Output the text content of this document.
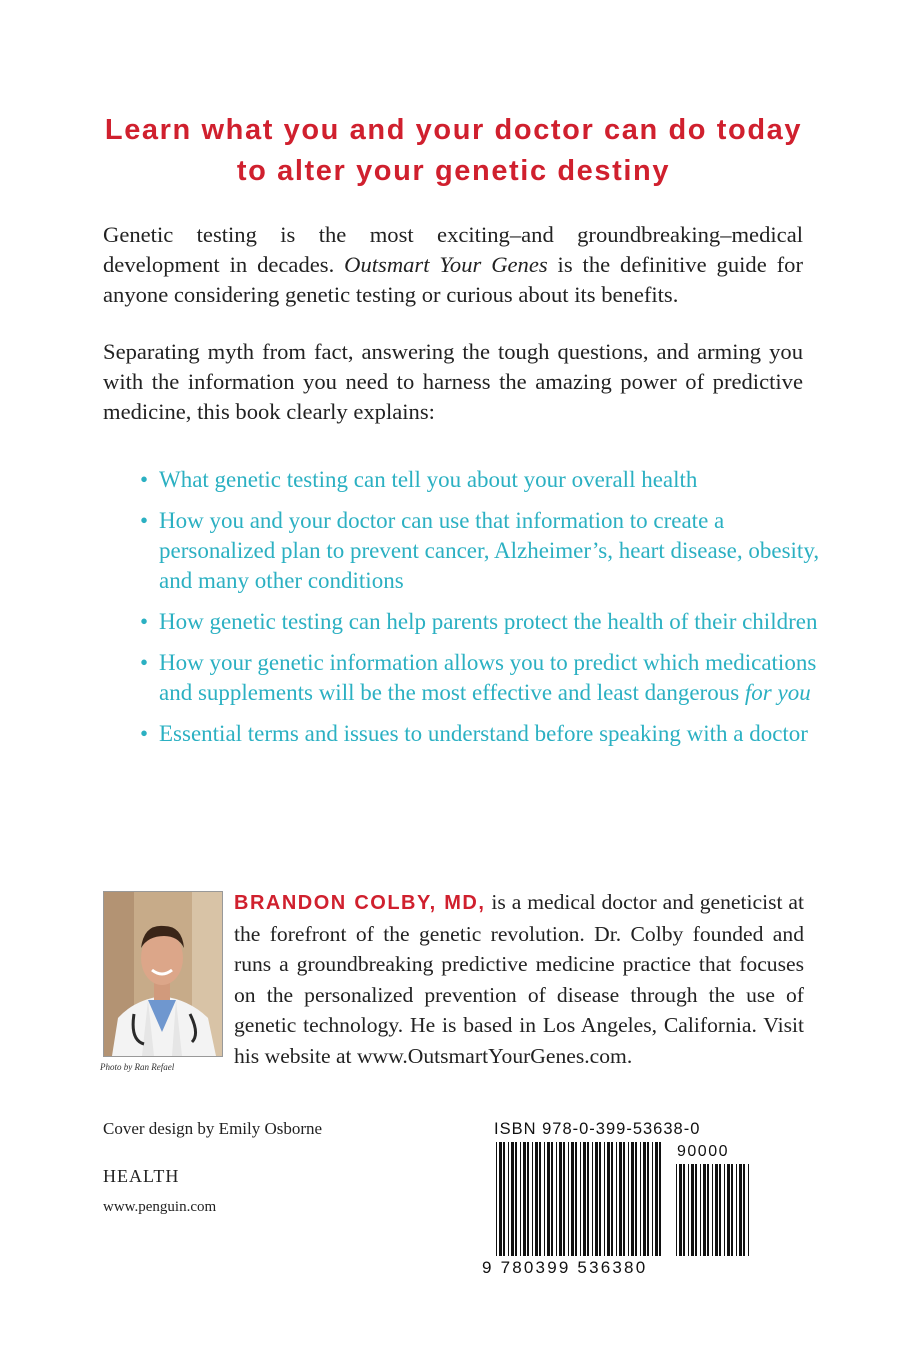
Learn what you and your doctor can do today
to alter your genetic destiny

Genetic testing is the most exciting–and groundbreaking–medical development in decades. Outsmart Your Genes is the definitive guide for anyone considering genetic testing or curious about its benefits.

Separating myth from fact, answering the tough questions, and arming you with the information you need to harness the amazing power of predictive medicine, this book clearly explains:

• What genetic testing can tell you about your overall health
• How you and your doctor can use that information to create a personalized plan to prevent cancer, Alzheimer’s, heart disease, obesity, and many other conditions
• How genetic testing can help parents protect the health of their children
• How your genetic information allows you to predict which medications and supplements will be the most effective and least dangerous for you
• Essential terms and issues to understand before speaking with a doctor
Photo by Ran Refael

BRANDON COLBY, MD, is a medical doctor and geneticist at the forefront of the genetic revolution. Dr. Colby founded and runs a groundbreaking predictive medicine practice that focuses on the personalized prevention of disease through the use of genetic technology. He is based in Los Angeles, California. Visit his website at www.OutsmartYourGenes.com.

Cover design by Emily Osborne
HEALTH
www.penguin.com
ISBN 978-0-399-53638-0
90000
9 780399 536380
